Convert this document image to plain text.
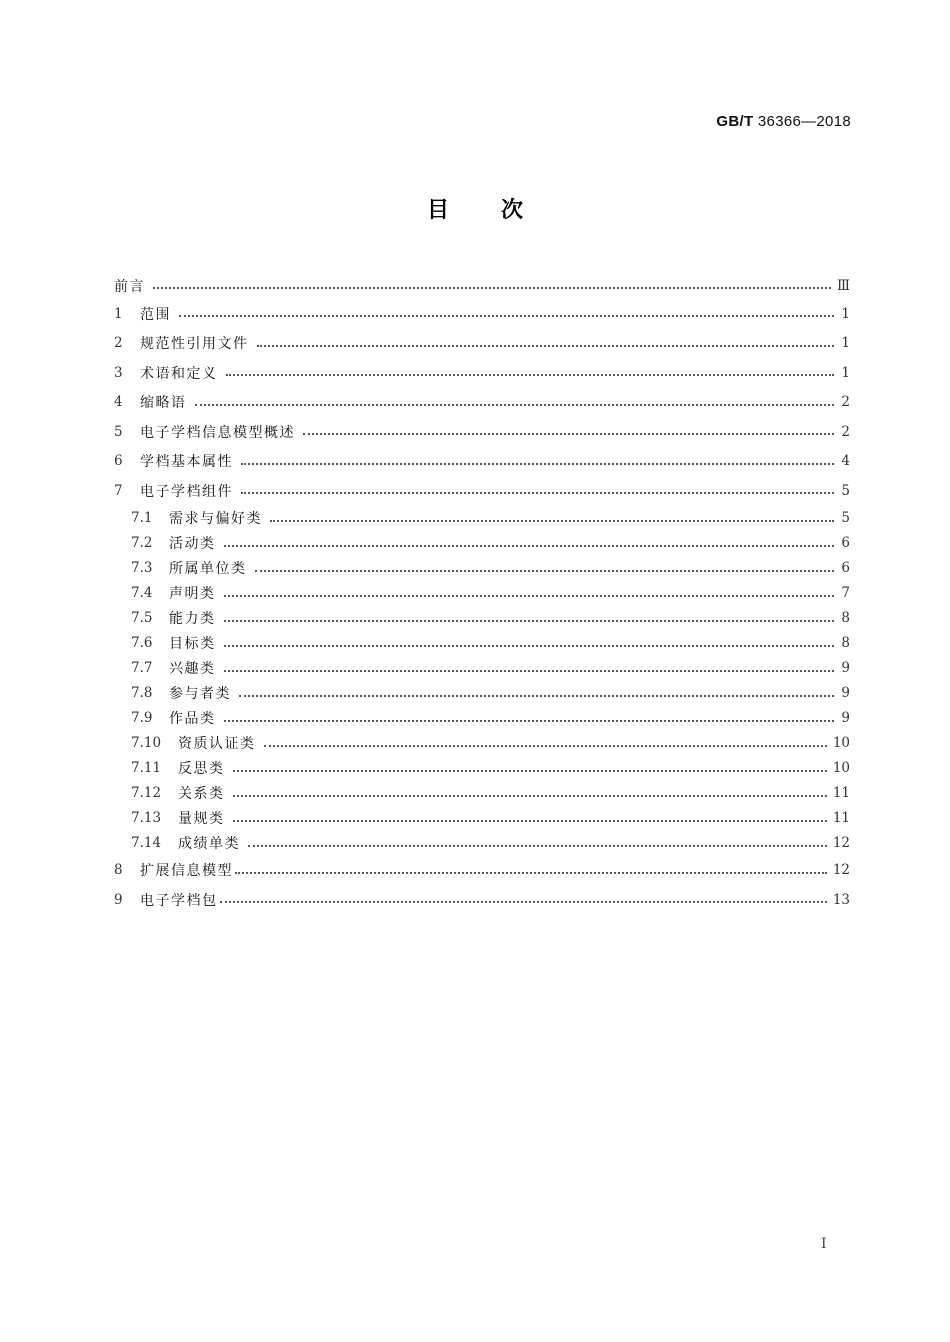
GB/T 36366—2018
目次
前言	Ⅲ
1	范围	1
2	规范性引用文件	1
3	术语和定义	1
4	缩略语	2
5	电子学档信息模型概述	2
6	学档基本属性	4
7	电子学档组件	5
7.1	需求与偏好类	5
7.2	活动类	6
7.3	所属单位类	6
7.4	声明类	7
7.5	能力类	8
7.6	目标类	8
7.7	兴趣类	9
7.8	参与者类	9
7.9	作品类	9
7.10	资质认证类	10
7.11	反思类	10
7.12	关系类	11
7.13	量规类	11
7.14	成绩单类	12
8	扩展信息模型	12
9	电子学档包	13
Ⅰ
